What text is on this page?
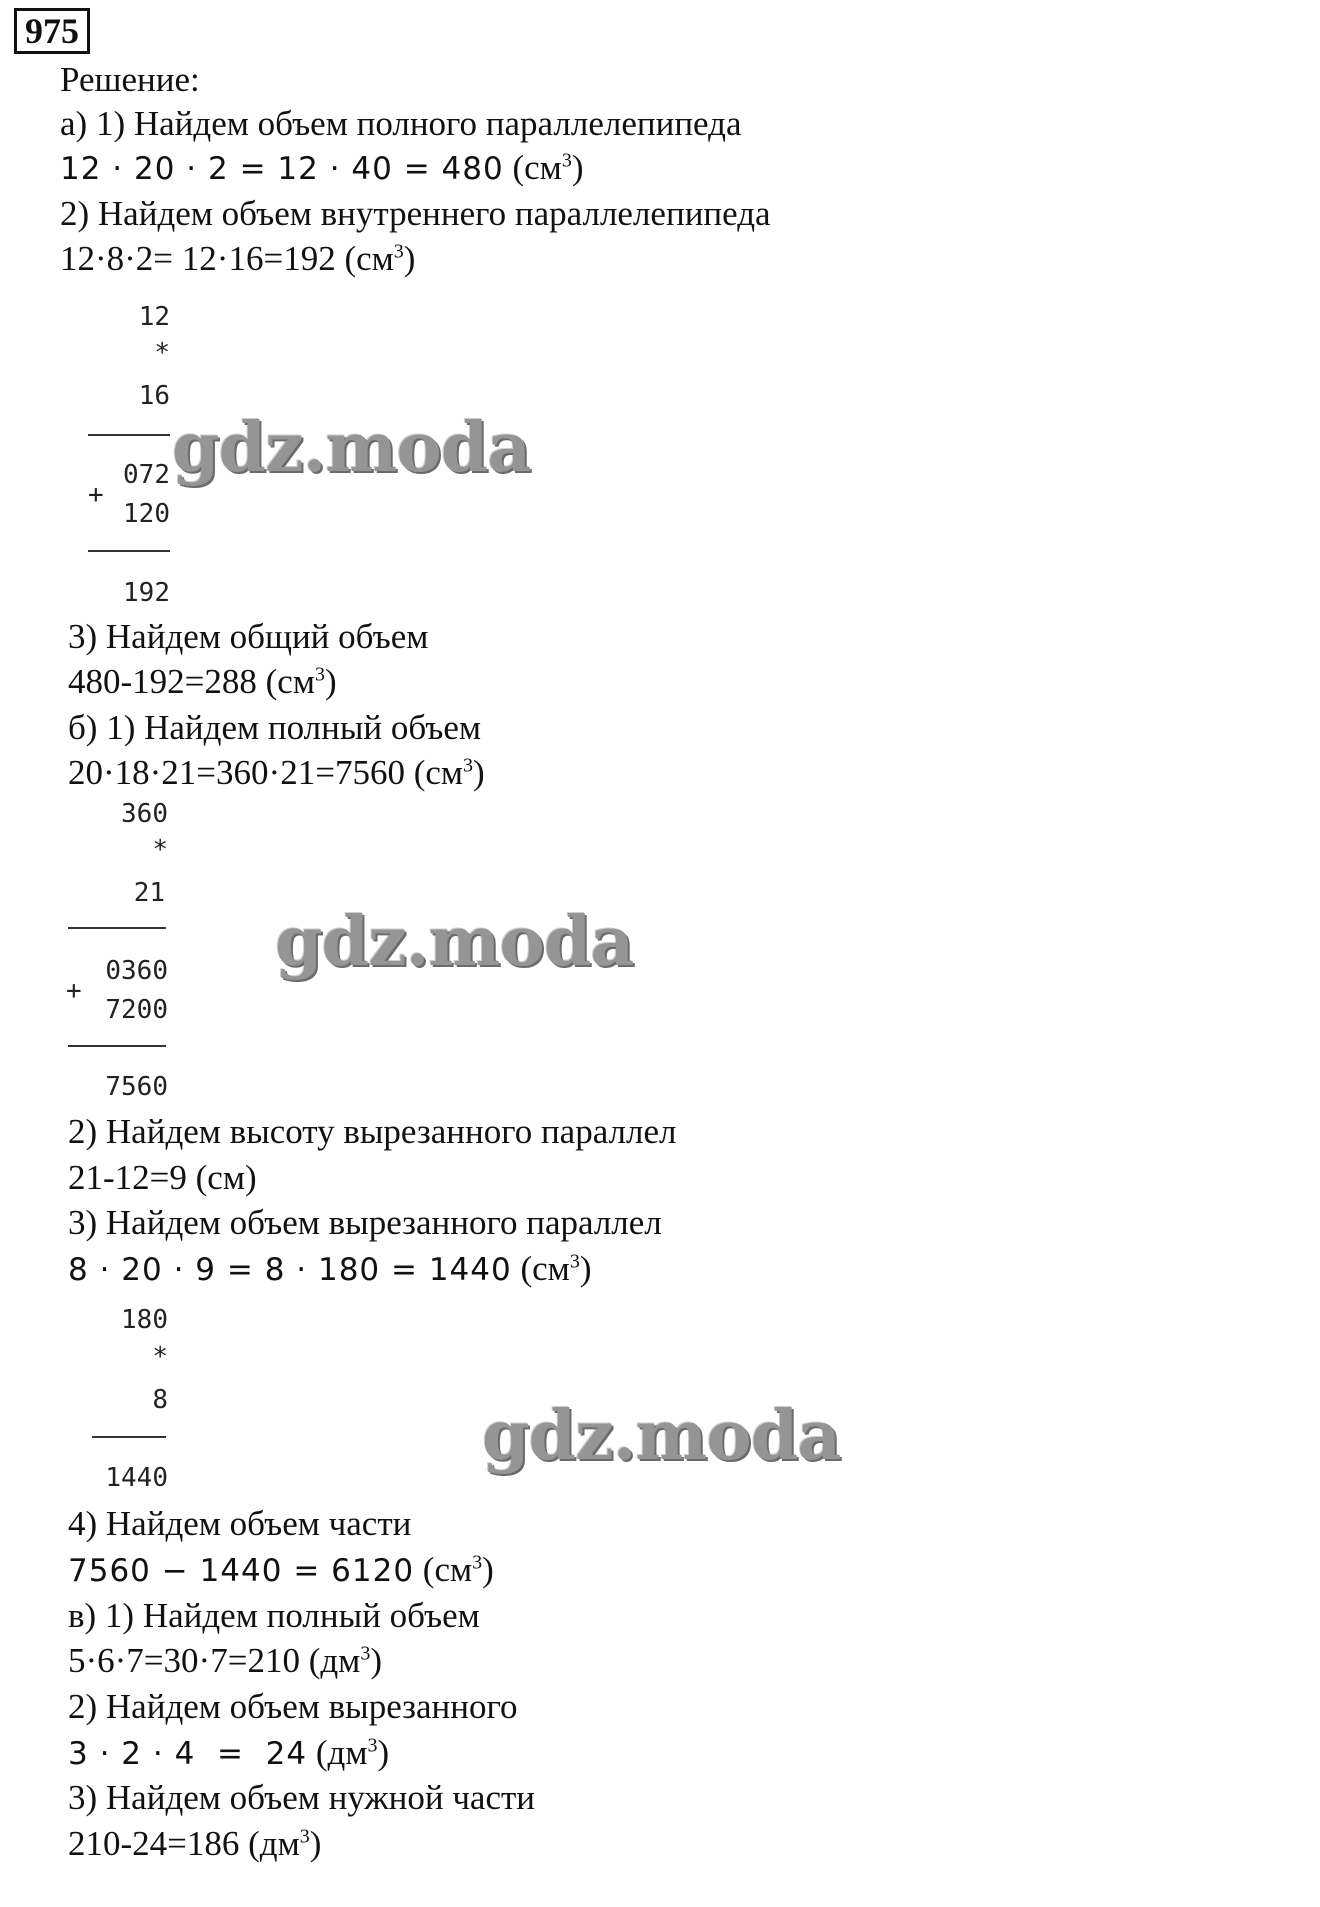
975
Решение:
а) 1) Найдем объем полного параллелепипеда
12 · 20 · 2 = 12 · 40 = 480 $(см^3)$
2) Найдем объем внутреннего параллелепипеда
12·8·2= 12·16=192 $(см^3)$
12
*
16
072
+
120
192
3) Найдем общий объем
480-192=288 $(см^3)$
б) 1) Найдем полный объем
20·18·21=360·21=7560 $(см^3)$
360
*
21
0360
+
7200
7560
2) Найдем высоту вырезанного параллел
21-12=9 (см)
3) Найдем объем вырезанного параллел
8 · 20 · 9 = 8 · 180 = 1440 $(см^3)$
180
*
8
1440
4) Найдем объем части
7560 − 1440 = 6120 $(см^3)$
в) 1) Найдем полный объем
5·6·7=30·7=210 $(дм^3)$
2) Найдем объем вырезанного
3 · 2 · 4  =  24 $(дм^3)$
3) Найдем объем нужной части
210-24=186 $(дм^3)$
gdz.moda
gdz.moda
gdz.moda
